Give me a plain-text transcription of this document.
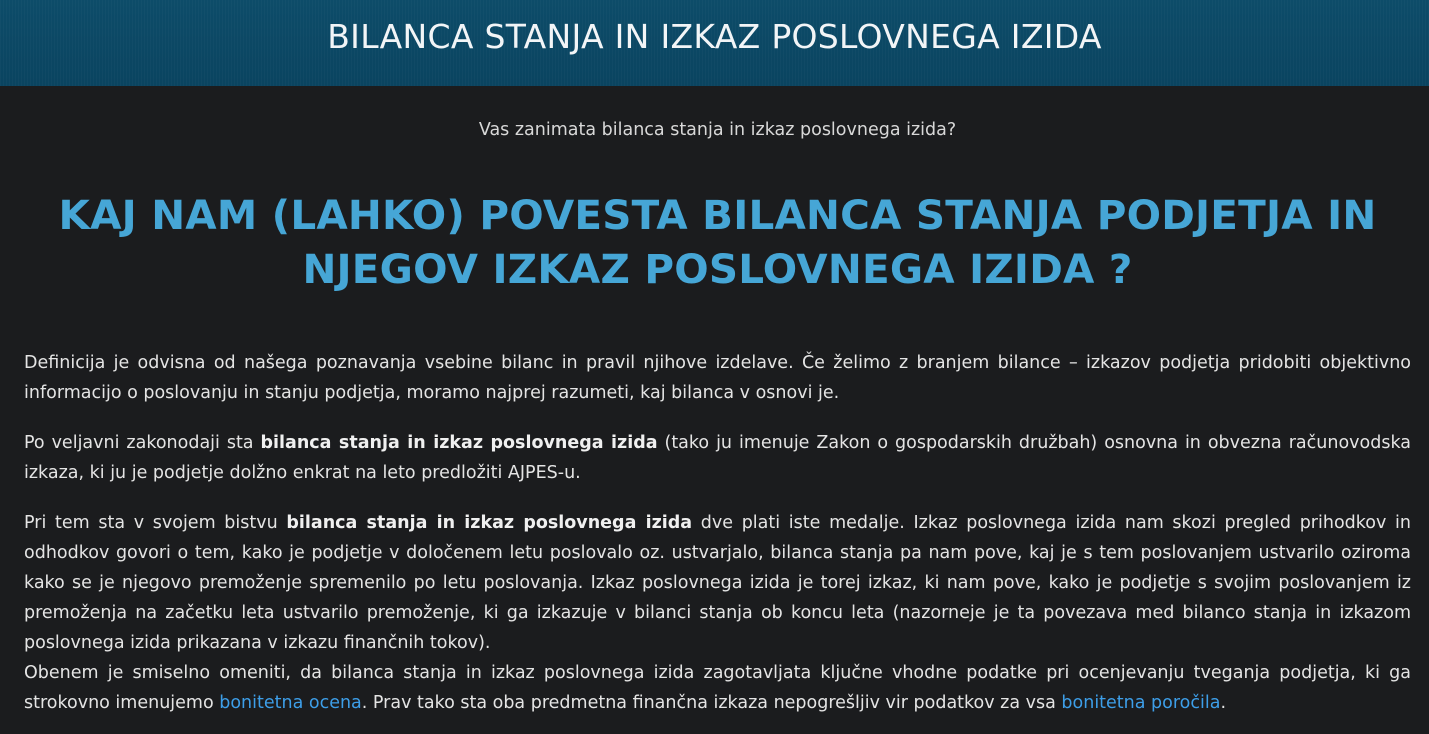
BILANCA STANJA IN IZKAZ POSLOVNEGA IZIDA

Vas zanimata bilanca stanja in izkaz poslovnega izida?

KAJ NAM (LAHKO) POVESTA BILANCA STANJA PODJETJA IN NJEGOV IZKAZ POSLOVNEGA IZIDA ?

Definicija je odvisna od našega poznavanja vsebine bilanc in pravil njihove izdelave. Če želimo z branjem bilance – izkazov podjetja pridobiti objektivno informacijo o poslovanju in stanju podjetja, moramo najprej razumeti, kaj bilanca v osnovi je.

Po veljavni zakonodaji sta bilanca stanja in izkaz poslovnega izida (tako ju imenuje Zakon o gospodarskih družbah) osnovna in obvezna računovodska izkaza, ki ju je podjetje dolžno enkrat na leto predložiti AJPES-u.

Pri tem sta v svojem bistvu bilanca stanja in izkaz poslovnega izida dve plati iste medalje. Izkaz poslovnega izida nam skozi pregled prihodkov in odhodkov govori o tem, kako je podjetje v določenem letu poslovalo oz. ustvarjalo, bilanca stanja pa nam pove, kaj je s tem poslovanjem ustvarilo oziroma kako se je njegovo premoženje spremenilo po letu poslovanja. Izkaz poslovnega izida je torej izkaz, ki nam pove, kako je podjetje s svojim poslovanjem iz premoženja na začetku leta ustvarilo premoženje, ki ga izkazuje v bilanci stanja ob koncu leta (nazorneje je ta povezava med bilanco stanja in izkazom poslovnega izida prikazana v izkazu finančnih tokov).

Obenem je smiselno omeniti, da bilanca stanja in izkaz poslovnega izida zagotavljata ključne vhodne podatke pri ocenjevanju tveganja podjetja, ki ga strokovno imenujemo bonitetna ocena. Prav tako sta oba predmetna finančna izkaza nepogrešljiv vir podatkov za vsa bonitetna poročila.
